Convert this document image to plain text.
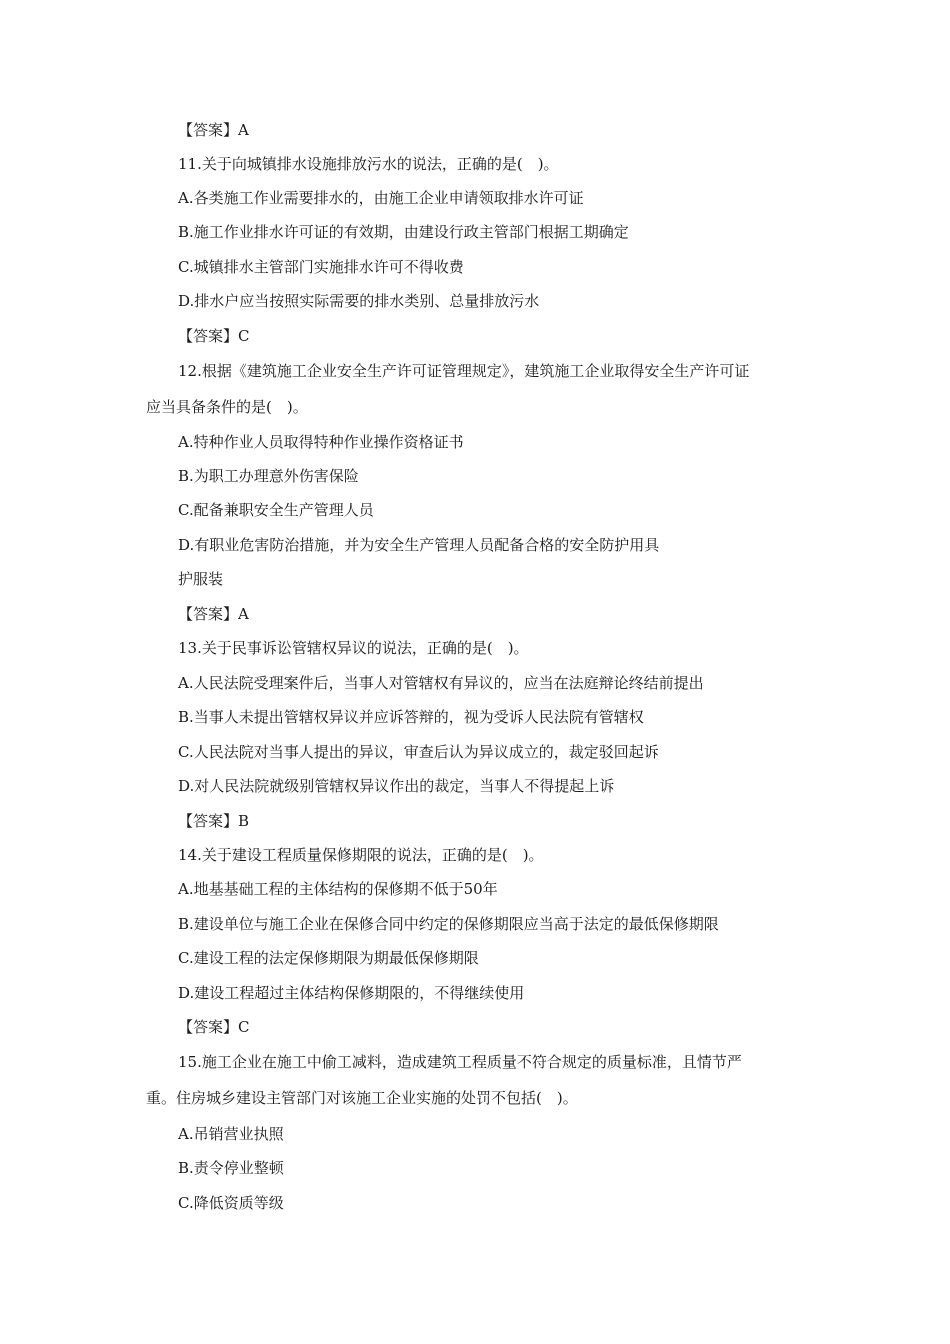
【答案】A
11.关于向城镇排水设施排放污水的说法，正确的是(　)。
A.各类施工作业需要排水的，由施工企业申请领取排水许可证
B.施工作业排水许可证的有效期，由建设行政主管部门根据工期确定
C.城镇排水主管部门实施排水许可不得收费
D.排水户应当按照实际需要的排水类别、总量排放污水
【答案】C
12.根据《建筑施工企业安全生产许可证管理规定》，建筑施工企业取得安全生产许可证
应当具备条件的是(　)。
A.特种作业人员取得特种作业操作资格证书
B.为职工办理意外伤害保险
C.配备兼职安全生产管理人员
D.有职业危害防治措施，并为安全生产管理人员配备合格的安全防护用具
护服装
【答案】A
13.关于民事诉讼管辖权异议的说法，正确的是(　)。
A.人民法院受理案件后，当事人对管辖权有异议的，应当在法庭辩论终结前提出
B.当事人未提出管辖权异议并应诉答辩的，视为受诉人民法院有管辖权
C.人民法院对当事人提出的异议，审查后认为异议成立的，裁定驳回起诉
D.对人民法院就级别管辖权异议作出的裁定，当事人不得提起上诉
【答案】B
14.关于建设工程质量保修期限的说法，正确的是(　)。
A.地基基础工程的主体结构的保修期不低于50年
B.建设单位与施工企业在保修合同中约定的保修期限应当高于法定的最低保修期限
C.建设工程的法定保修期限为期最低保修期限
D.建设工程超过主体结构保修期限的，不得继续使用
【答案】C
15.施工企业在施工中偷工减料，造成建筑工程质量不符合规定的质量标准，且情节严
重。住房城乡建设主管部门对该施工企业实施的处罚不包括(　)。
A.吊销营业执照
B.责令停业整顿
C.降低资质等级
